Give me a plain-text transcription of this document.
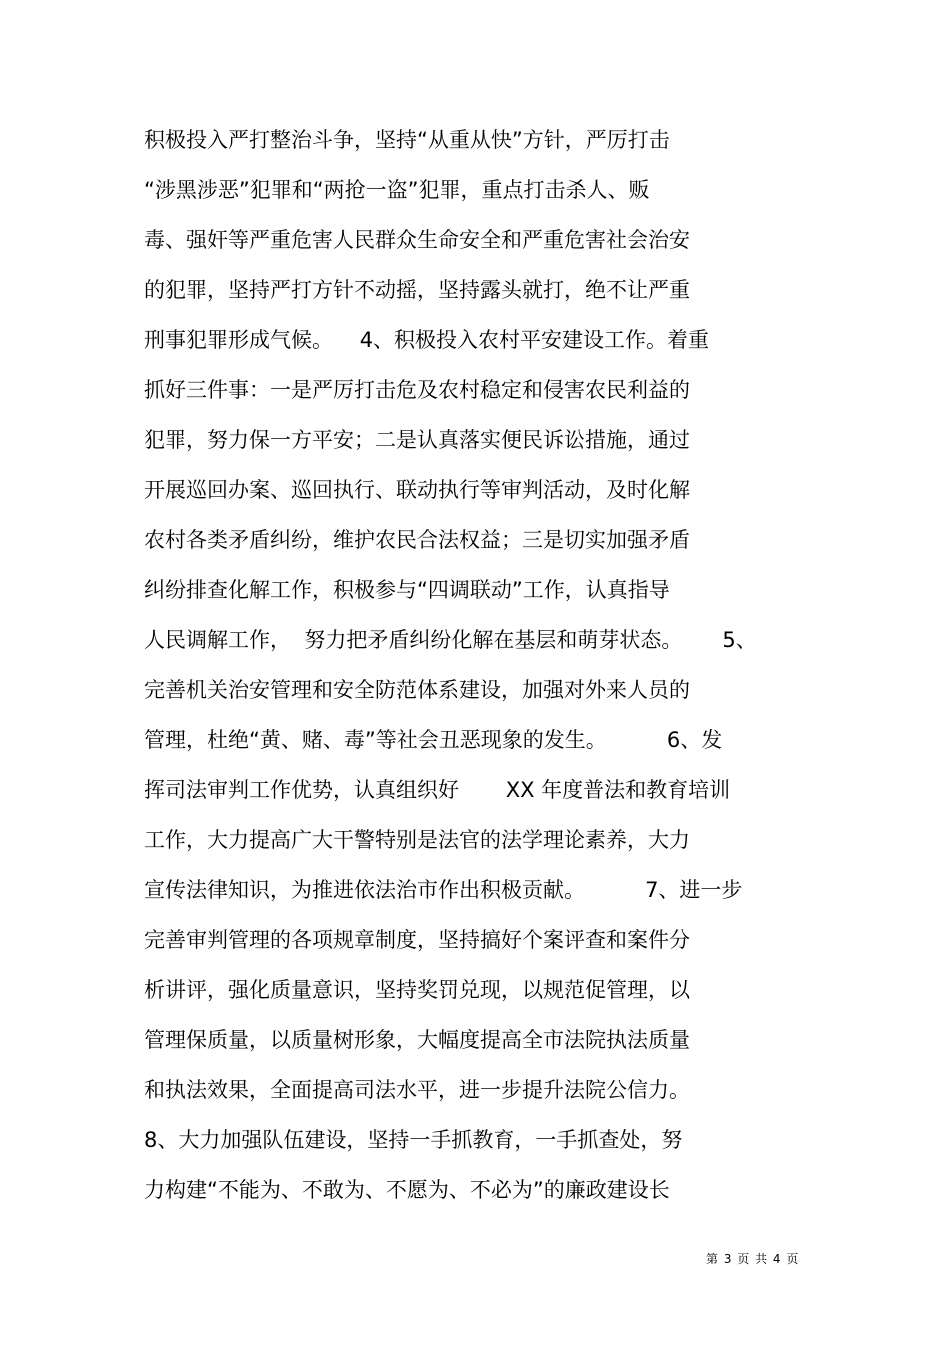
积极投入严打整治斗争，坚持“从重从快”方针，严厉打击
“涉黑涉恶”犯罪和“两抢一盗”犯罪，重点打击杀人、贩
毒、强奸等严重危害人民群众生命安全和严重危害社会治安
的犯罪，坚持严打方针不动摇，坚持露头就打，绝不让严重
刑事犯罪形成气候。    4、积极投入农村平安建设工作。着重
抓好三件事：一是严厉打击危及农村稳定和侵害农民利益的
犯罪，努力保一方平安；二是认真落实便民诉讼措施，通过
开展巡回办案、巡回执行、联动执行等审判活动，及时化解
农村各类矛盾纠纷，维护农民合法权益；三是切实加强矛盾
纠纷排查化解工作，积极参与“四调联动”工作，认真指导
人民调解工作，  努力把矛盾纠纷化解在基层和萌芽状态。      5、
完善机关治安管理和安全防范体系建设，加强对外来人员的
管理，杜绝“黄、赌、毒”等社会丑恶现象的发生。         6、发
挥司法审判工作优势，认真组织好       XX 年度普法和教育培训
工作，大力提高广大干警特别是法官的法学理论素养，大力
宣传法律知识，为推进依法治市作出积极贡献。         7、进一步
完善审判管理的各项规章制度，坚持搞好个案评查和案件分
析讲评，强化质量意识，坚持奖罚兑现，以规范促管理，以
管理保质量，以质量树形象，大幅度提高全市法院执法质量
和执法效果，全面提高司法水平，进一步提升法院公信力。
8、大力加强队伍建设，坚持一手抓教育，一手抓查处，努
力构建“不能为、不敢为、不愿为、不必为”的廉政建设长
第 3 页 共 4 页
